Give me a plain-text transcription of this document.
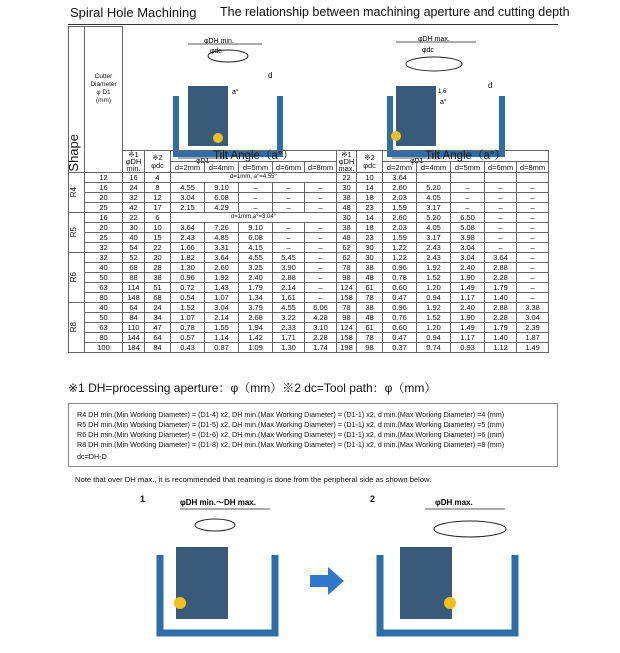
Spiral Hole Machining The relationship between machining aperture and cutting depth
φDH min.
φdc
d
a°
φD1
φDH max.
φdc
d
a°
1.6
φD1
Shape	Cutter
Diameter
φ D1
(mm)														
		※1
φDH
min.	※2
φdc	Tilt Angle（a°）					※1
φDH
max.	※2
φdc	Tilt Angle（a°）				
				d=2mm	d=4mm	d=5mm	d=6mm	d=8mm			d=2mm	d=4mm	d=5mm	d=6mm	d=8mm

R4	12	16	4	d=1mm, a°=4.55°					22	10	3.64				
	16	24	8	4.55	9.10	–	–	–	30	14	2.60	5.20	–	–	–
	20	32	12	3.04	6.08	–	–	–	38	18	2.03	4.05	–	–	–
	25	42	17	2.15	4.29	–	–	–	48	23	1.59	3.17	–	–	–

R5	16	22	6	d=1mm,a°=3.04°					30	14	2.60	5.20	6.50	–	–
	20	30	10	3.64	7.26	9.10	–	–	38	18	2.03	4.05	5.08	–	–
	25	40	15	2.43	4.85	6.08	–	–	48	23	1.59	3.17	3.98	–	–
	32	54	22	1.66	3.31	4.15	–	–	62	30	1.22	2.43	3.04	–	–

R6	32	52	20	1.82	3.64	4.55	5.45	–	62	30	1.22	2.43	3.04	3.64	–
	40	68	28	1.30	2.60	3.25	3.90	–	78	38	0.96	1.92	2.40	2.88	–
	50	88	38	0.96	1.92	2.40	2.88	–	98	48	0.78	1.52	1.90	2.28	–
	63	114	51	0.72	1.43	1.79	2.14	–	124	61	0.60	1.20	1.49	1.79	–
	80	148	68	0.54	1.07	1.34	1.61	–	158	78	0.47	0.94	1.17	1.40	–

R8	40	64	24	1.52	3.04	3.79	4.55	6.06	78	38	0.96	1.92	2.40	2.88	3.38
	50	84	34	1.07	2.14	2.68	3.22	4.28	98	48	0.76	1.52	1.90	2.28	3.04
	63	110	47	0.78	1.55	1.94	2.33	3.10	124	61	0.60	1.20	1.49	1.79	2.39
	80	144	64	0.57	1.14	1.42	1.71	2.28	158	78	0.47	0.94	1.17	1.40	1.87
	100	184	84	0.43	0.87	1.09	1.30	1.74	198	98	0.37	0.74	0.93	1.12	1.49
※1 DH=processing aperture：φ（mm）※2 dc=Tool path：φ（mm）
R4 DH min.(Min Working Diameter) = (D1-4) x2, DH min.(Max Working Diameter) = (D1-1) x2, d min.(Max Working Diameter) =4 (mm)
R5 DH min.(Min Working Diameter) = (D1-5) x2, DH min.(Max Working Diameter) = (D1-1) x2, d min.(Max Working Diameter) =5 (mm)
R6 DH min.(Min Working Diameter) = (D1-6) x2, DH min.(Max Working Diameter) = (D1-1) x2, d min.(Max Working Diameter) =6 (mm)
R8 DH min.(Min Working Diameter) = (D1-8) x2, DH min.(Max Working Diameter) = (D1-1) x2, d min.(Max Working Diameter) =8 (mm)
dc=DH-D
Note that over DH max., it is recommended that reaming is done from the peripheral side as shown below.
1	2
φDH min.～DH max.	φDH max.
